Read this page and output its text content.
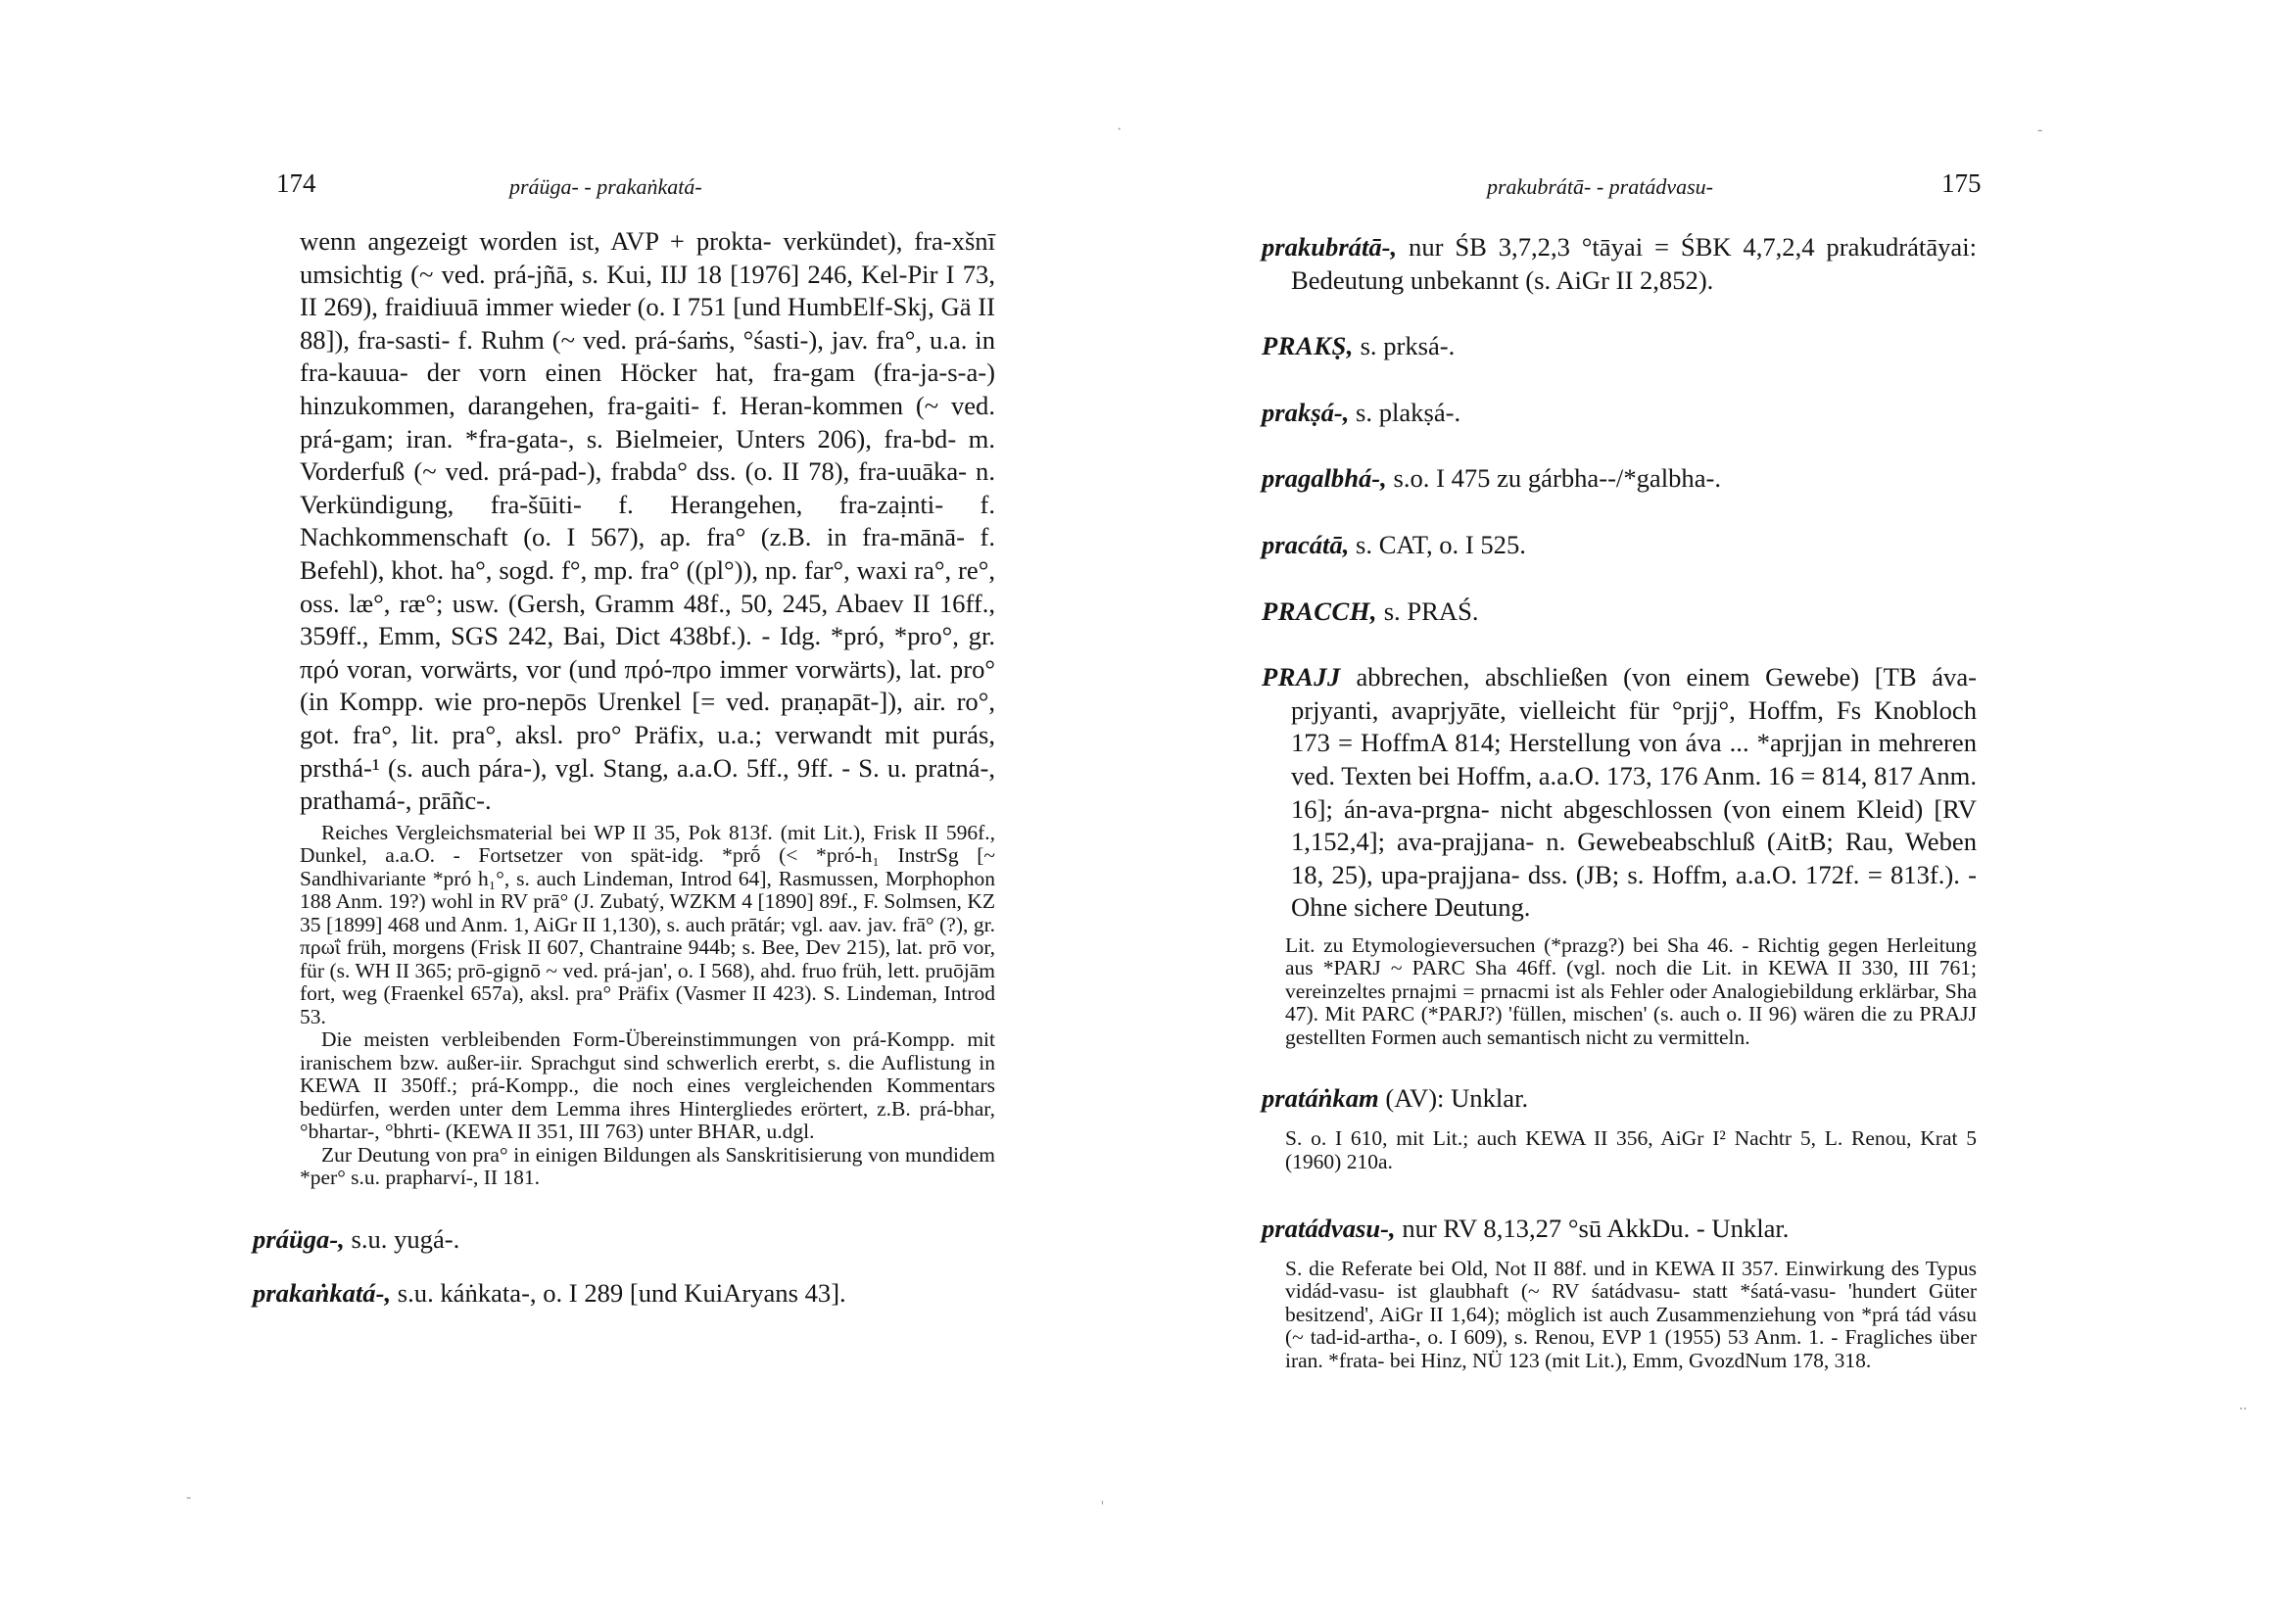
·	-
'
-
..
174	práüga- - prakaṅkatá-

wenn angezeigt worden ist, AVP + prokta- verkündet), fra-xšnī umsichtig (~ ved. prá-jñā, s. Kui, IIJ 18 [1976] 246, Kel-Pir I 73, II 269), fraidiuuā immer wieder (o. I 751 [und HumbElf-Skj, Gä II 88]), fra-sasti- f. Ruhm (~ ved. prá-śaṁs, °śasti-), jav. fra°, u.a. in fra-kauua- der vorn einen Höcker hat, fra-gam (fra-ja-s-a-) hinzukommen, darangehen, fra-gaiti- f. Heran-kommen (~ ved. prá-gam; iran. *fra-gata-, s. Bielmeier, Unters 206), fra-bd- m. Vorderfuß (~ ved. prá-pad-), frabda° dss. (o. II 78), fra-uuāka- n. Verkündigung, fra-šūiti- f. Herangehen, fra-zaịnti- f. Nachkommenschaft (o. I 567), ap. fra° (z.B. in fra-mānā- f. Befehl), khot. ha°, sogd. f°, mp. fra° ((pl°)), np. far°, waxi ra°, re°, oss. læ°, ræ°; usw. (Gersh, Gramm 48f., 50, 245, Abaev II 16ff., 359ff., Emm, SGS 242, Bai, Dict 438bf.). - Idg. *pró, *pro°, gr. πρό voran, vorwärts, vor (und πρό-προ immer vorwärts), lat. pro° (in Kompp. wie pro-nepōs Urenkel [= ved. praṇapāt-]), air. ro°, got. fra°, lit. pra°, aksl. pro° Präfix, u.a.; verwandt mit purás, prsthá-¹ (s. auch pára-), vgl. Stang, a.a.O. 5ff., 9ff. - S. u. pratná-, prathamá-, prāñc-.

Reiches Vergleichsmaterial bei WP II 35, Pok 813f. (mit Lit.), Frisk II 596f., Dunkel, a.a.O. - Fortsetzer von spät-idg. *prṓ (< *pró-h₁ InstrSg [~ Sandhivariante *pró h₁°, s. auch Lindeman, Introd 64], Rasmussen, Morphophon 188 Anm. 19?) wohl in RV prā° (J. Zubatý, WZKM 4 [1890] 89f., F. Solmsen, KZ 35 [1899] 468 und Anm. 1, AiGr II 1,130), s. auch prātár; vgl. aav. jav. frā° (?), gr. πρωΐ früh, morgens (Frisk II 607, Chantraine 944b; s. Bee, Dev 215), lat. prō vor, für (s. WH II 365; prō-gignō ~ ved. prá-jan', o. I 568), ahd. fruo früh, lett. pruōjām fort, weg (Fraenkel 657a), aksl. pra° Präfix (Vasmer II 423). S. Lindeman, Introd 53.

Die meisten verbleibenden Form-Übereinstimmungen von prá-Kompp. mit iranischem bzw. außer-iir. Sprachgut sind schwerlich ererbt, s. die Auflistung in KEWA II 350ff.; prá-Kompp., die noch eines vergleichenden Kommentars bedürfen, werden unter dem Lemma ihres Hintergliedes erörtert, z.B. prá-bhar, °bhartar-, °bhrti- (KEWA II 351, III 763) unter BHAR, u.dgl.

Zur Deutung von pra° in einigen Bildungen als Sanskritisierung von mundidem *per° s.u. prapharví-, II 181.

práüga-, s.u. yugá-.

prakaṅkatá-, s.u. káṅkata-, o. I 289 [und KuiAryans 43].

prakubrátā- - pratádvasu-	175

prakubrátā-, nur ŚB 3,7,2,3 °tāyai = ŚBK 4,7,2,4 prakudrátāyai: Bedeutung unbekannt (s. AiGr II 2,852).

PRAKṢ, s. prksá-.

prakṣá-, s. plakṣá-.

pragalbhá-, s.o. I 475 zu gárbha--/*galbha-.

pracátā, s. CAT, o. I 525.

PRACCH, s. PRAŚ.

PRAJJ abbrechen, abschließen (von einem Gewebe) [TB áva-prjyanti, avaprjyāte, vielleicht für °prjj°, Hoffm, Fs Knobloch 173 = HoffmA 814; Herstellung von áva ... *aprjjan in mehreren ved. Texten bei Hoffm, a.a.O. 173, 176 Anm. 16 = 814, 817 Anm. 16]; án-ava-prgna- nicht abgeschlossen (von einem Kleid) [RV 1,152,4]; ava-prajjana- n. Gewebeabschluß (AitB; Rau, Weben 18, 25), upa-prajjana- dss. (JB; s. Hoffm, a.a.O. 172f. = 813f.). - Ohne sichere Deutung.

Lit. zu Etymologieversuchen (*prazg?) bei Sha 46. - Richtig gegen Herleitung aus *PARJ ~ PARC Sha 46ff. (vgl. noch die Lit. in KEWA II 330, III 761; vereinzeltes prnajmi = prnacmi ist als Fehler oder Analogiebildung erklärbar, Sha 47). Mit PARC (*PARJ?) 'füllen, mischen' (s. auch o. II 96) wären die zu PRAJJ gestellten Formen auch semantisch nicht zu vermitteln.

pratáṅkam (AV): Unklar.

S. o. I 610, mit Lit.; auch KEWA II 356, AiGr I² Nachtr 5, L. Renou, Krat 5 (1960) 210a.

pratádvasu-, nur RV 8,13,27 °sū AkkDu. - Unklar.

S. die Referate bei Old, Not II 88f. und in KEWA II 357. Einwirkung des Typus vidád-vasu- ist glaubhaft (~ RV śatádvasu- statt *śatá-vasu- 'hundert Güter besitzend', AiGr II 1,64); möglich ist auch Zusammenziehung von *prá tád vásu (~ tad-id-artha-, o. I 609), s. Renou, EVP 1 (1955) 53 Anm. 1. - Fragliches über iran. *frata- bei Hinz, NÜ 123 (mit Lit.), Emm, GvozdNum 178, 318.
